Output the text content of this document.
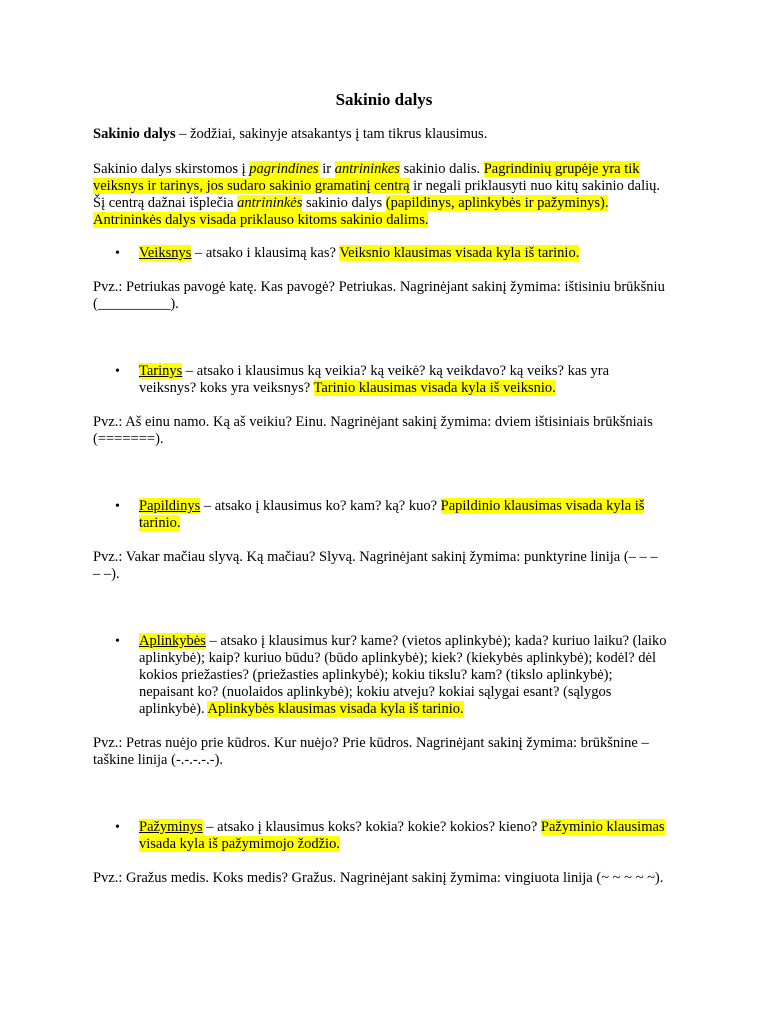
Sakinio dalys

Sakinio dalys – žodžiai, sakinyje atsakantys į tam tikrus klausimus.

Sakinio dalys skirstomos į pagrindines ir antrininkes sakinio dalis. Pagrindinių grupėje yra tik veiksnys ir tarinys, jos sudaro sakinio gramatinį centrą ir negali priklausyti nuo kitų sakinio dalių. Šį centrą dažnai išplečia antrininkės sakinio dalys (papildinys, aplinkybės ir pažyminys). Antrininkės dalys visada priklauso kitoms sakinio dalims.

•	Veiksnys – atsako i klausimą kas? Veiksnio klausimas visada kyla iš tarinio.

Pvz.: Petriukas pavogė katę. Kas pavogė? Petriukas. Nagrinėjant sakinį žymima: ištisiniu brūkšniu (__________).

•	Tarinys – atsako i klausimus ką veikia? ką veikė? ką veikdavo? ką veiks? kas yra veiksnys? koks yra veiksnys? Tarinio klausimas visada kyla iš veiksnio.

Pvz.: Aš einu namo. Ką aš veikiu? Einu. Nagrinėjant sakinį žymima: dviem ištisiniais brūkšniais (=======).

•	Papildinys – atsako į klausimus ko? kam? ką? kuo? Papildinio klausimas visada kyla iš tarinio.

Pvz.: Vakar mačiau slyvą. Ką mačiau? Slyvą. Nagrinėjant sakinį žymima: punktyrine linija (– – – – –).

•	Aplinkybės – atsako į klausimus kur? kame? (vietos aplinkybė); kada? kuriuo laiku? (laiko aplinkybė); kaip? kuriuo būdu? (būdo aplinkybė); kiek? (kiekybės aplinkybė); kodėl? dėl kokios priežasties? (priežasties aplinkybė); kokiu tikslu? kam? (tikslo aplinkybė); nepaisant ko? (nuolaidos aplinkybė); kokiu atveju? kokiai sąlygai esant? (sąlygos aplinkybė). Aplinkybės klausimas visada kyla iš tarinio.

Pvz.: Petras nuėjo prie kūdros. Kur nuėjo? Prie kūdros. Nagrinėjant sakinį žymima: brūkšnine – taškine linija (-.-.-.-.-).

•	Pažyminys – atsako į klausimus koks? kokia? kokie? kokios? kieno? Pažyminio klausimas visada kyla iš pažymimojo žodžio.

Pvz.: Gražus medis. Koks medis? Gražus. Nagrinėjant sakinį žymima: vingiuota linija (~ ~ ~ ~ ~).
